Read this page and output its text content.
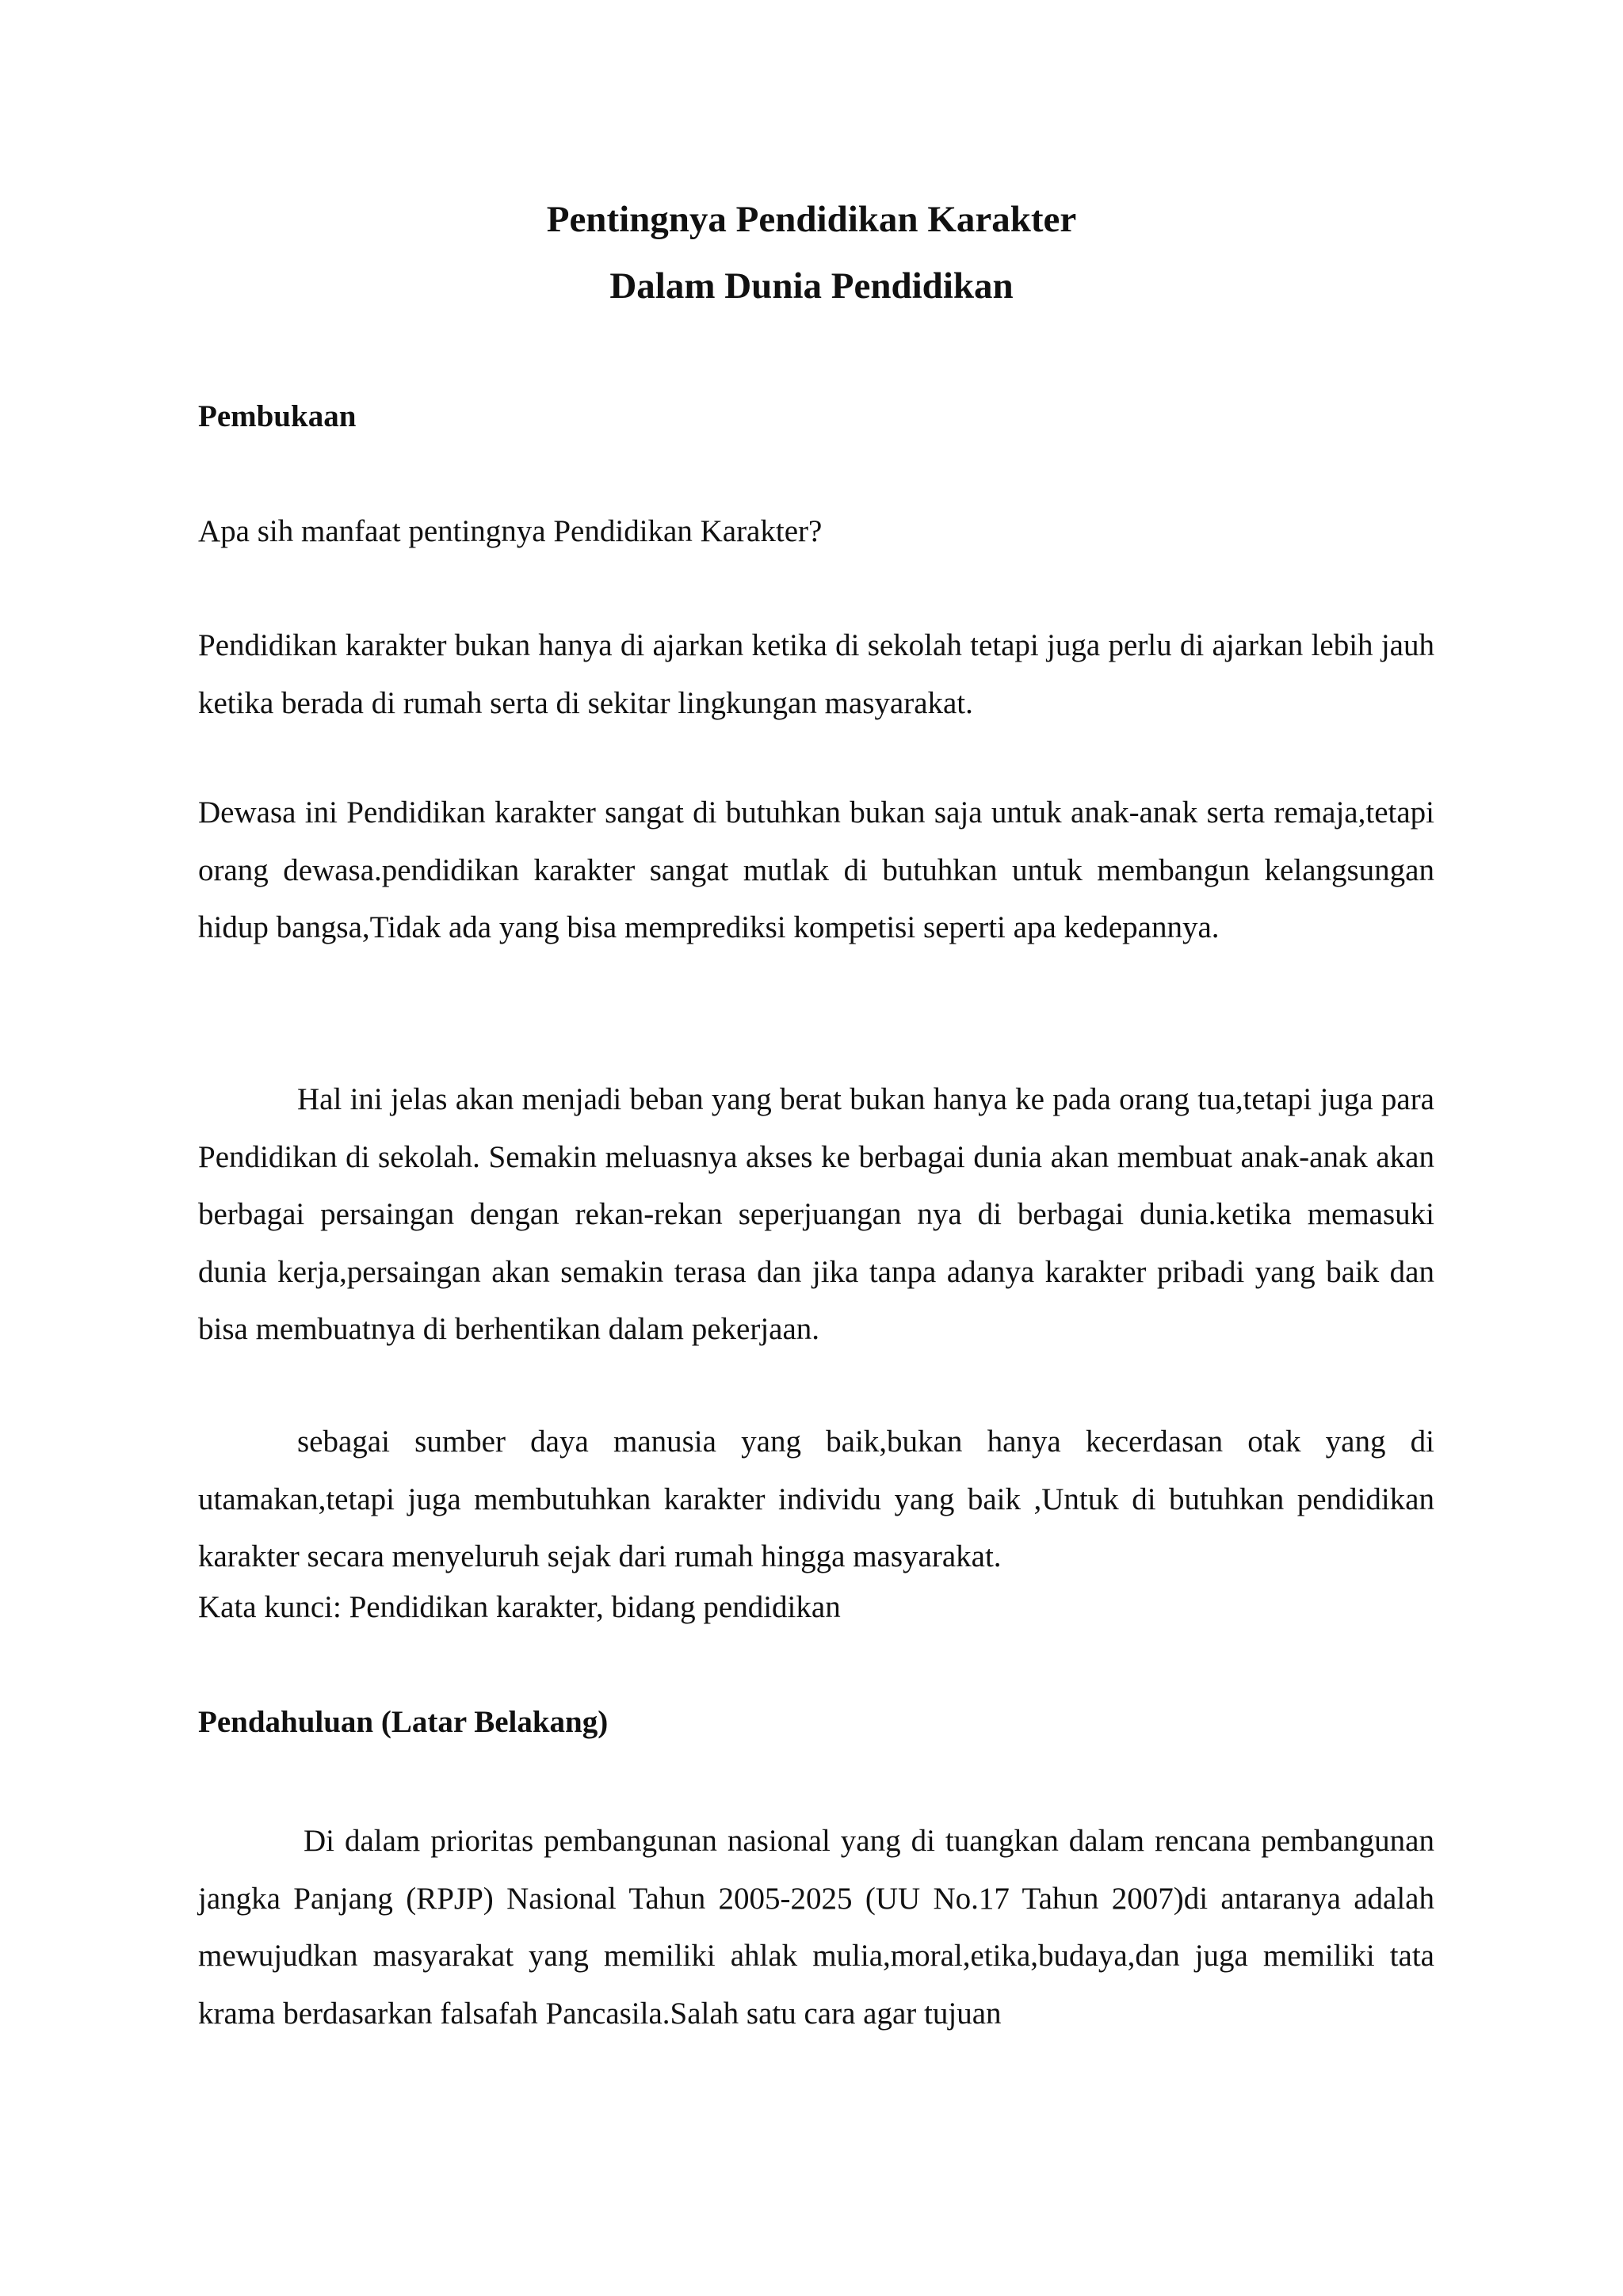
Pentingnya Pendidikan Karakter
Dalam Dunia Pendidikan
Pembukaan

Apa sih manfaat pentingnya Pendidikan Karakter?

Pendidikan karakter bukan hanya di ajarkan ketika di sekolah tetapi juga perlu di ajarkan lebih jauh ketika berada di rumah serta di sekitar lingkungan masyarakat.

Dewasa ini Pendidikan karakter sangat di butuhkan bukan saja untuk anak-anak serta remaja,tetapi orang dewasa.pendidikan karakter sangat mutlak di butuhkan untuk membangun kelangsungan hidup bangsa,Tidak ada yang bisa memprediksi kompetisi seperti apa kedepannya.

Hal ini jelas akan menjadi beban yang berat bukan hanya ke pada orang tua,tetapi juga para Pendidikan di sekolah. Semakin meluasnya akses ke berbagai dunia akan membuat anak-anak akan berbagai persaingan dengan rekan-rekan seperjuangan nya di berbagai dunia.ketika memasuki dunia kerja,persaingan akan semakin terasa dan jika tanpa adanya karakter pribadi yang baik dan bisa membuatnya di berhentikan dalam pekerjaan.

sebagai sumber daya manusia yang baik,bukan hanya kecerdasan otak yang di utamakan,tetapi juga membutuhkan karakter individu yang baik ,Untuk di butuhkan pendidikan karakter secara menyeluruh sejak dari rumah hingga masyarakat.

Kata kunci: Pendidikan karakter, bidang pendidikan

Pendahuluan (Latar Belakang)

Di dalam prioritas pembangunan nasional yang di tuangkan dalam rencana pembangunan jangka Panjang (RPJP) Nasional Tahun 2005-2025 (UU No.17 Tahun 2007)di antaranya adalah mewujudkan masyarakat yang memiliki ahlak mulia,moral,etika,budaya,dan juga memiliki tata krama berdasarkan falsafah Pancasila.Salah satu cara agar tujuan
